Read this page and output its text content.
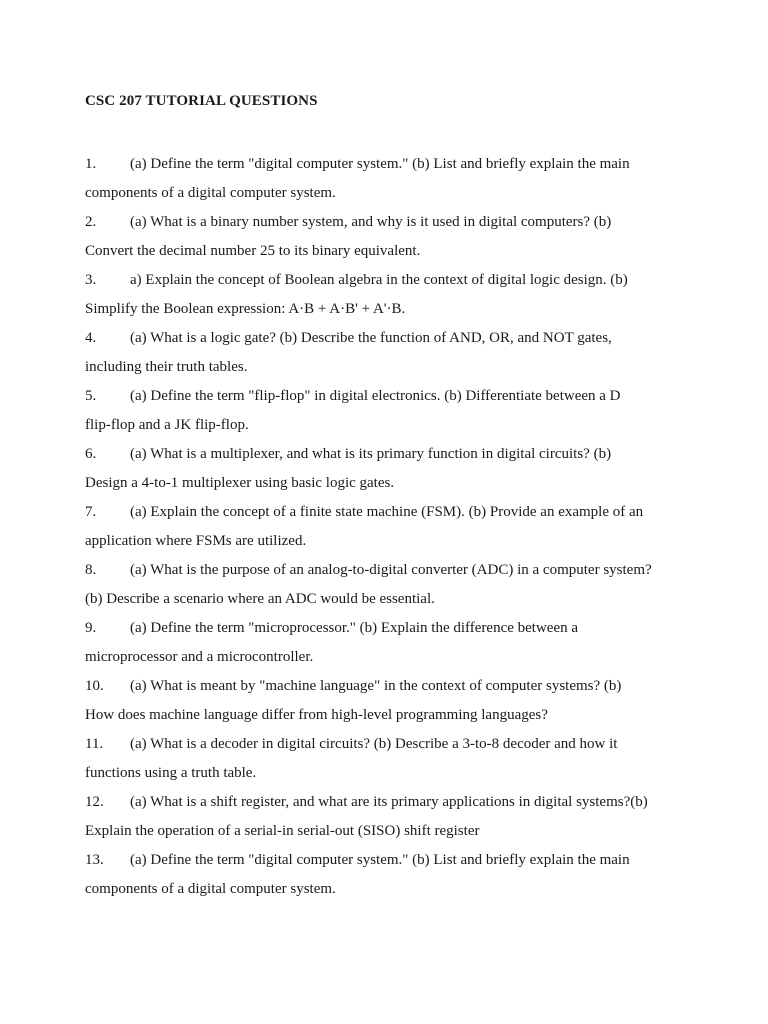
CSC 207 TUTORIAL QUESTIONS
1. (a) Define the term "digital computer system." (b) List and briefly explain the main
components of a digital computer system.
2. (a) What is a binary number system, and why is it used in digital computers? (b)
Convert the decimal number 25 to its binary equivalent.
3. a) Explain the concept of Boolean algebra in the context of digital logic design. (b)
Simplify the Boolean expression: A·B + A·B' + A'·B.
4. (a) What is a logic gate? (b) Describe the function of AND, OR, and NOT gates,
including their truth tables.
5. (a) Define the term "flip-flop" in digital electronics. (b) Differentiate between a D
flip-flop and a JK flip-flop.
6. (a) What is a multiplexer, and what is its primary function in digital circuits? (b)
Design a 4-to-1 multiplexer using basic logic gates.
7. (a) Explain the concept of a finite state machine (FSM). (b) Provide an example of an
application where FSMs are utilized.
8. (a) What is the purpose of an analog-to-digital converter (ADC) in a computer system?
(b) Describe a scenario where an ADC would be essential.
9. (a) Define the term "microprocessor." (b) Explain the difference between a
microprocessor and a microcontroller.
10. (a) What is meant by "machine language" in the context of computer systems? (b)
How does machine language differ from high-level programming languages?
11. (a) What is a decoder in digital circuits? (b) Describe a 3-to-8 decoder and how it
functions using a truth table.
12. (a) What is a shift register, and what are its primary applications in digital systems?(b)
Explain the operation of a serial-in serial-out (SISO) shift register
13. (a) Define the term "digital computer system." (b) List and briefly explain the main
components of a digital computer system.
